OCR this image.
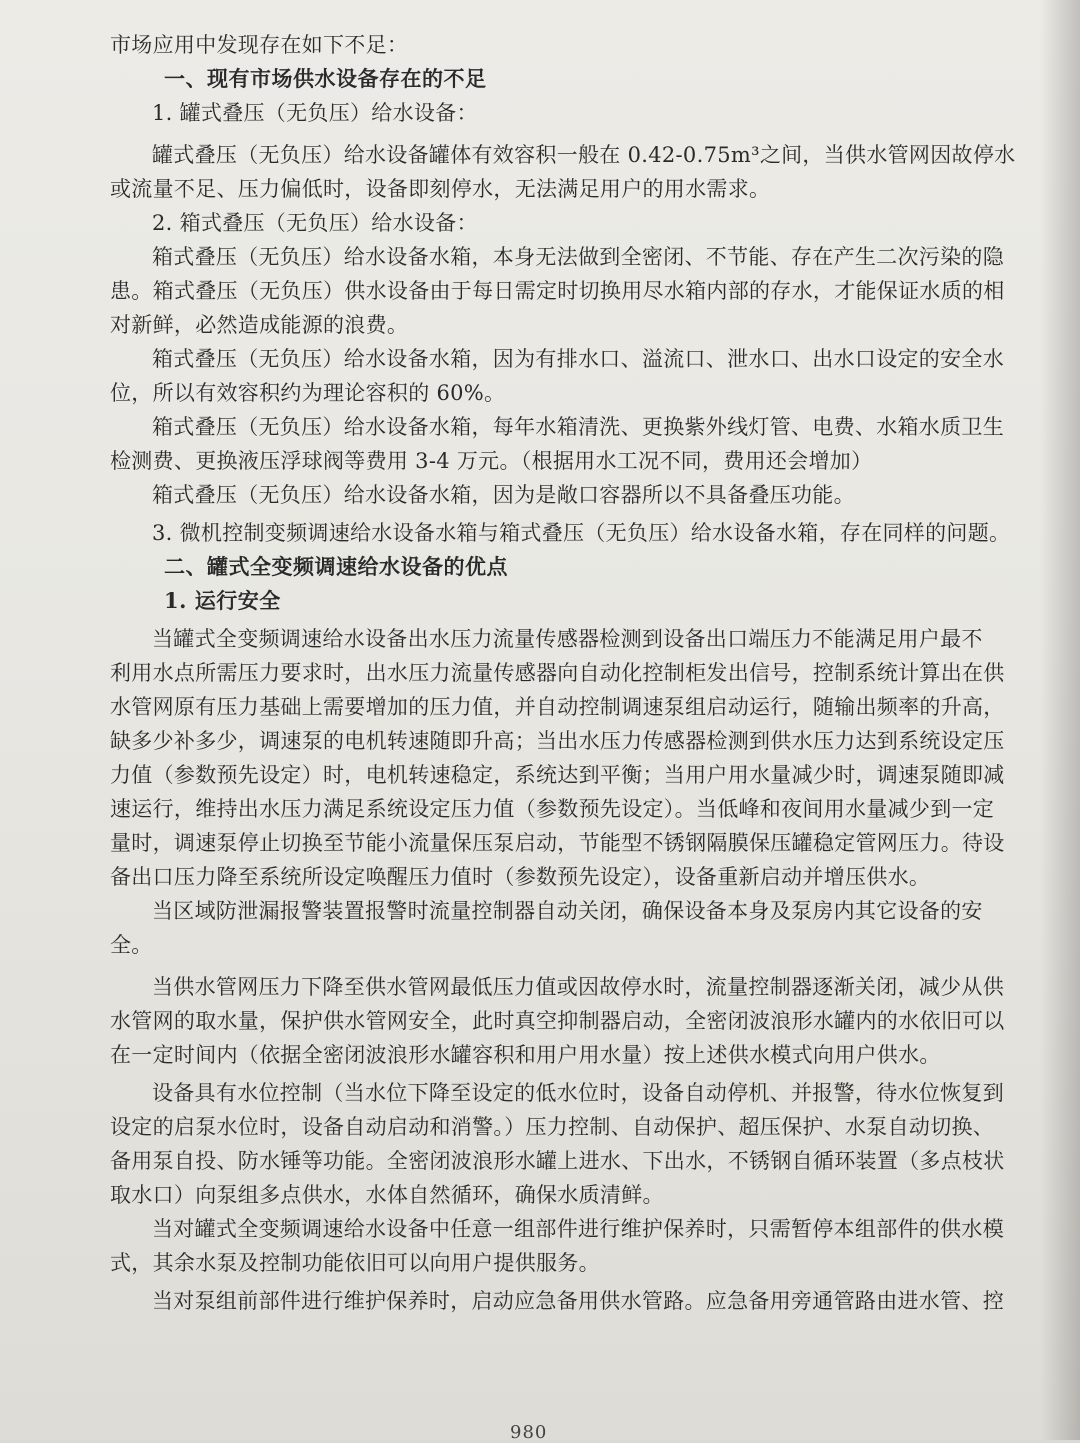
市场应用中发现存在如下不足：
一、现有市场供水设备存在的不足
1. 罐式叠压（无负压）给水设备：
罐式叠压（无负压）给水设备罐体有效容积一般在 0.42-0.75m³之间，当供水管网因故停水
或流量不足、压力偏低时，设备即刻停水，无法满足用户的用水需求。
2. 箱式叠压（无负压）给水设备：
箱式叠压（无负压）给水设备水箱，本身无法做到全密闭、不节能、存在产生二次污染的隐
患。箱式叠压（无负压）供水设备由于每日需定时切换用尽水箱内部的存水，才能保证水质的相
对新鲜，必然造成能源的浪费。
箱式叠压（无负压）给水设备水箱，因为有排水口、溢流口、泄水口、出水口设定的安全水
位，所以有效容积约为理论容积的 60%。
箱式叠压（无负压）给水设备水箱，每年水箱清洗、更换紫外线灯管、电费、水箱水质卫生
检测费、更换液压浮球阀等费用 3-4 万元。（根据用水工况不同，费用还会增加）
箱式叠压（无负压）给水设备水箱，因为是敞口容器所以不具备叠压功能。
3. 微机控制变频调速给水设备水箱与箱式叠压（无负压）给水设备水箱，存在同样的问题。
二、罐式全变频调速给水设备的优点
1. 运行安全
当罐式全变频调速给水设备出水压力流量传感器检测到设备出口端压力不能满足用户最不
利用水点所需压力要求时，出水压力流量传感器向自动化控制柜发出信号，控制系统计算出在供
水管网原有压力基础上需要增加的压力值，并自动控制调速泵组启动运行，随输出频率的升高，
缺多少补多少，调速泵的电机转速随即升高；当出水压力传感器检测到供水压力达到系统设定压
力值（参数预先设定）时，电机转速稳定，系统达到平衡；当用户用水量减少时，调速泵随即减
速运行，维持出水压力满足系统设定压力值（参数预先设定）。当低峰和夜间用水量减少到一定
量时，调速泵停止切换至节能小流量保压泵启动，节能型不锈钢隔膜保压罐稳定管网压力。待设
备出口压力降至系统所设定唤醒压力值时（参数预先设定），设备重新启动并增压供水。
当区域防泄漏报警装置报警时流量控制器自动关闭，确保设备本身及泵房内其它设备的安
全。
当供水管网压力下降至供水管网最低压力值或因故停水时，流量控制器逐渐关闭，减少从供
水管网的取水量，保护供水管网安全，此时真空抑制器启动，全密闭波浪形水罐内的水依旧可以
在一定时间内（依据全密闭波浪形水罐容积和用户用水量）按上述供水模式向用户供水。
设备具有水位控制（当水位下降至设定的低水位时，设备自动停机、并报警，待水位恢复到
设定的启泵水位时，设备自动启动和消警。）压力控制、自动保护、超压保护、水泵自动切换、
备用泵自投、防水锤等功能。全密闭波浪形水罐上进水、下出水，不锈钢自循环装置（多点枝状
取水口）向泵组多点供水，水体自然循环，确保水质清鲜。
当对罐式全变频调速给水设备中任意一组部件进行维护保养时，只需暂停本组部件的供水模
式，其余水泵及控制功能依旧可以向用户提供服务。
当对泵组前部件进行维护保养时，启动应急备用供水管路。应急备用旁通管路由进水管、控
980
